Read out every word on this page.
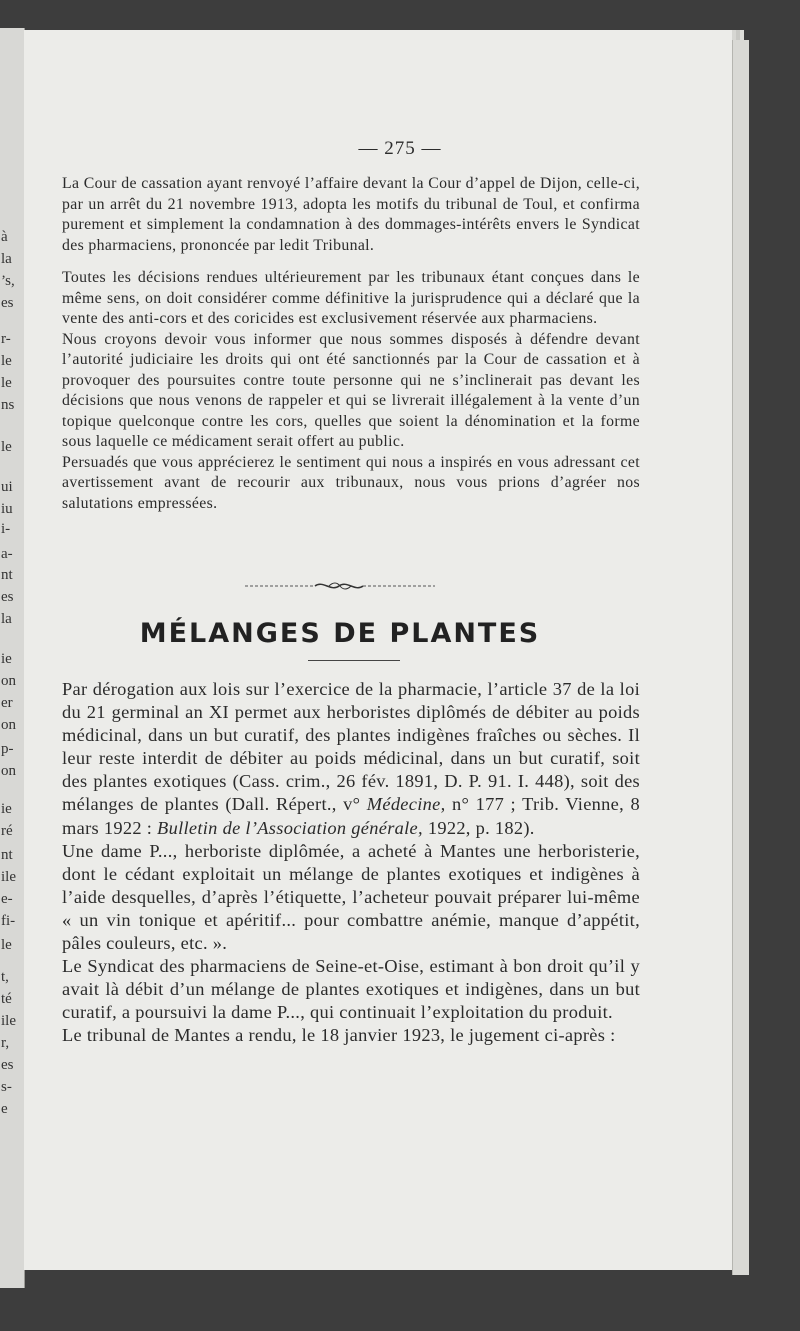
à
la
’s,
es
r-
le
le
ns
le
ui
iu
i-
a-
nt
es
la
ie
on
er
on
p-
on
ie
ré
nt
ile
e-
fi-
le
t,
té
ile
r,
es
s-
e
— 275 —

La Cour de cassation ayant renvoyé l’affaire devant la Cour d’appel de Dijon, celle-ci, par un arrêt du 21 novembre 1913, adopta les motifs du tribunal de Toul, et confirma purement et simplement la condamnation à des dommages-intérêts envers le Syndicat des pharmaciens, prononcée par ledit Tribunal.

Toutes les décisions rendues ultérieurement par les tribunaux étant conçues dans le même sens, on doit considérer comme définitive la jurisprudence qui a déclaré que la vente des anti-cors et des coricides est exclusivement réservée aux pharmaciens.

Nous croyons devoir vous informer que nous sommes disposés à défendre devant l’autorité judiciaire les droits qui ont été sanctionnés par la Cour de cassation et à provoquer des poursuites contre toute personne qui ne s’inclinerait pas devant les décisions que nous venons de rappeler et qui se livrerait illégalement à la vente d’un topique quelconque contre les cors, quelles que soient la dénomination et la forme sous laquelle ce médicament serait offert au public.

Persuadés que vous apprécierez le sentiment qui nous a inspirés en vous adressant cet avertissement avant de recourir aux tribunaux, nous vous prions d’agréer nos salutations empressées.

MÉLANGES DE PLANTES

Par dérogation aux lois sur l’exercice de la pharmacie, l’article 37 de la loi du 21 germinal an XI permet aux herboristes diplômés de débiter au poids médicinal, dans un but curatif, des plantes indigènes fraîches ou sèches. Il leur reste interdit de débiter au poids médicinal, dans un but curatif, soit des plantes exotiques (Cass. crim., 26 fév. 1891, D. P. 91. I. 448), soit des mélanges de plantes (Dall. Répert., v° Médecine, n° 177 ; Trib. Vienne, 8 mars 1922 : Bulletin de l’Association générale, 1922, p. 182).

Une dame P..., herboriste diplômée, a acheté à Mantes une herboristerie, dont le cédant exploitait un mélange de plantes exotiques et indigènes à l’aide desquelles, d’après l’étiquette, l’acheteur pouvait préparer lui-même « un vin tonique et apéritif... pour combattre anémie, manque d’appétit, pâles couleurs, etc. ».

Le Syndicat des pharmaciens de Seine-et-Oise, estimant à bon droit qu’il y avait là débit d’un mélange de plantes exotiques et indigènes, dans un but curatif, a poursuivi la dame P..., qui continuait l’exploitation du produit.

Le tribunal de Mantes a rendu, le 18 janvier 1923, le jugement ci-après :
